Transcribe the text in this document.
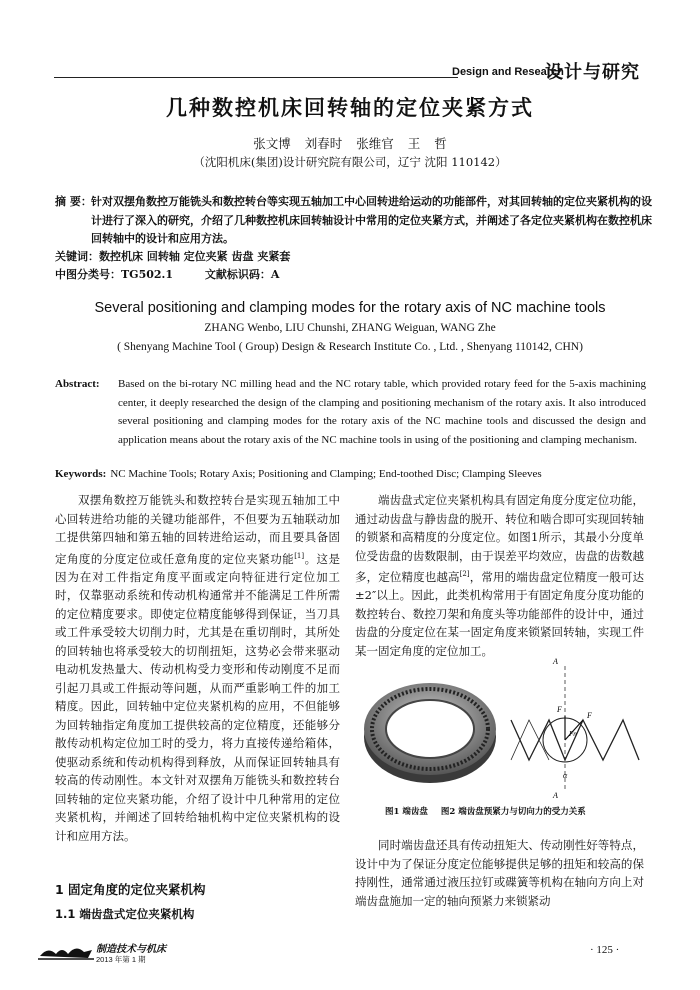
Design and Research
设计与研究
几种数控机床回转轴的定位夹紧方式
张文博 刘春时 张维官 王 哲
（沈阳机床(集团)设计研究院有限公司，辽宁 沈阳 110142）
摘 要： 针对双摆角数控万能铣头和数控转台等实现五轴加工中心回转进给运动的功能部件，对其回转轴的定位夹紧机构的设计进行了深入的研究，介绍了几种数控机床回转轴设计中常用的定位夹紧方式，并阐述了各定位夹紧机构在数控机床回转轴中的设计和应用方法。
关键词：数控机床 回转轴 定位夹紧 齿盘 夹紧套
中图分类号：TG502.1	文献标识码：A
Several positioning and clamping modes for the rotary axis of NC machine tools
ZHANG Wenbo, LIU Chunshi, ZHANG Weiguan, WANG Zhe
( Shenyang Machine Tool ( Group) Design & Research Institute Co. , Ltd. , Shenyang 110142, CHN)
Abstract: Based on the bi-rotary NC milling head and the NC rotary table, which provided rotary feed for the 5-axis machining center, it deeply researched the design of the clamping and positioning mechanism of the rotary axis. It also introduced several positioning and clamping modes for the rotary axis of the NC machine tools and discussed the design and application means about the rotary axis of the NC machine tools in using of the positioning and clamping mechanism.
Keywords: NC Machine Tools; Rotary Axis; Positioning and Clamping; End-toothed Disc; Clamping Sleeves

双摆角数控万能铣头和数控转台是实现五轴加工中心回转进给功能的关键功能部件，不但要为五轴联动加工提供第四轴和第五轴的回转进给运动，而且要具备固定角度的分度定位或任意角度的定位夹紧功能[1]。这是因为在对工件指定角度平面或定向特征进行定位加工时，仅靠驱动系统和传动机构通常并不能满足工件所需的定位精度要求。即使定位精度能够得到保证，当刀具或工件承受较大切削力时，尤其是在重切削时，其所处的回转轴也将承受较大的切削扭矩，这势必会带来驱动电动机发热量大、传动机构受力变形和传动刚度不足而引起刀具或工件振动等问题，从而严重影响工件的加工精度。因此，回转轴中定位夹紧机构的应用，不但能够为回转轴指定角度加工提供较高的定位精度，还能够分散传动机构定位加工时的受力，将力直接传递给箱体，使驱动系统和传动机构得到释放，从而保证回转轴具有较高的传动刚性。本文针对双摆角万能铣头和数控转台回转轴的定位夹紧功能，介绍了设计中几种常用的定位夹紧机构，并阐述了回转给轴机构中定位夹紧机构的设计和应用方法。

1 固定角度的定位夹紧机构
1.1 端齿盘式定位夹紧机构

端齿盘式定位夹紧机构具有固定角度分度定位功能，通过动齿盘与静齿盘的脱开、转位和啮合即可实现回转轴的锁紧和高精度的分度定位。如图1所示，其最小分度单位受齿盘的齿数限制，由于误差平均效应，齿盘的齿数越多，定位精度也越高[2]，常用的端齿盘定位精度一般可达±2″以上。因此，此类机构常用于有固定角度分度功能的数控转台、数控刀架和角度头等功能部件的设计中，通过齿盘的分度定位在某一固定角度来锁紧回转轴，实现工件某一固定角度的定位加工。

A
F
F
Fn
α
A
图1 端齿盘 图2 端齿盘预紧力与切向力的受力关系

同时端齿盘还具有传动扭矩大、传动刚性好等特点，设计中为了保证分度定位能够提供足够的扭矩和较高的保持刚性，通常通过液压拉钉或碟簧等机构在轴向方向上对端齿盘施加一定的轴向预紧力来锁紧动

制造技术与机床
2013 年第 1 期
· 125 ·
